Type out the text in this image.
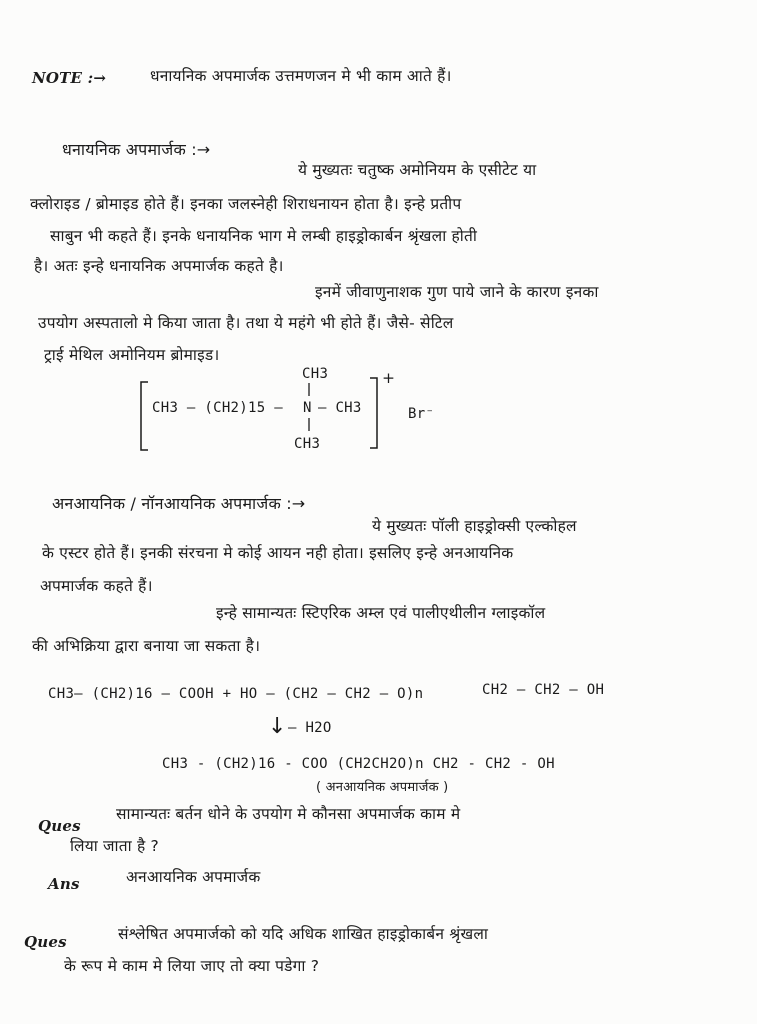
NOTE :→	धनायनिक अपमार्जक उत्तमणजन मे भी काम आते हैं।
धनायनिक अपमार्जक :→
ये मुख्यतः चतुष्क अमोनियम के एसीटेट या
क्लोराइड / ब्रोमाइड होते हैं। इनका जलस्नेही शिराधनायन होता है। इन्हे प्रतीप
साबुन भी कहते हैं। इनके धनायनिक भाग मे लम्बी हाइड्रोकार्बन श्रृंखला होती
है। अतः इन्हे धनायनिक अपमार्जक कहते है।
इनमें जीवाणुनाशक गुण पाये जाने के कारण इनका
उपयोग अस्पतालो मे किया जाता है। तथा ये महंगे भी होते हैं। जैसे- सेटिल
ट्राई मेथिल अमोनियम ब्रोमाइड।
CH3 — (CH2)15 —
CH3
N — CH3
CH3
+
Br⁻
अनआयनिक / नॉनआयनिक अपमार्जक :→
ये मुख्यतः पॉली हाइड्रोक्सी एल्कोहल
के एस्टर होते हैं। इनकी संरचना मे कोई आयन नही होता। इसलिए इन्हे अनआयनिक
अपमार्जक कहते हैं।
इन्हे सामान्यतः स्टिएरिक अम्ल एवं पालीएथीलीन ग्लाइकॉल
की अभिक्रिया द्वारा बनाया जा सकता है।
CH3— (CH2)16 — COOH + HO — (CH2 — CH2 — O)n	CH2 — CH2 — OH
↓ — H2O
CH3 - (CH2)16 - COO (CH2CH2O)n CH2 - CH2 - OH
( अनआयनिक अपमार्जक )
Ques
सामान्यतः बर्तन धोने के उपयोग मे कौनसा अपमार्जक काम मे
लिया जाता है ?
Ans	अनआयनिक अपमार्जक
Ques	संश्लेषित अपमार्जको को यदि अधिक शाखित हाइड्रोकार्बन श्रृंखला
के रूप मे काम मे लिया जाए तो क्या पडेगा ?
